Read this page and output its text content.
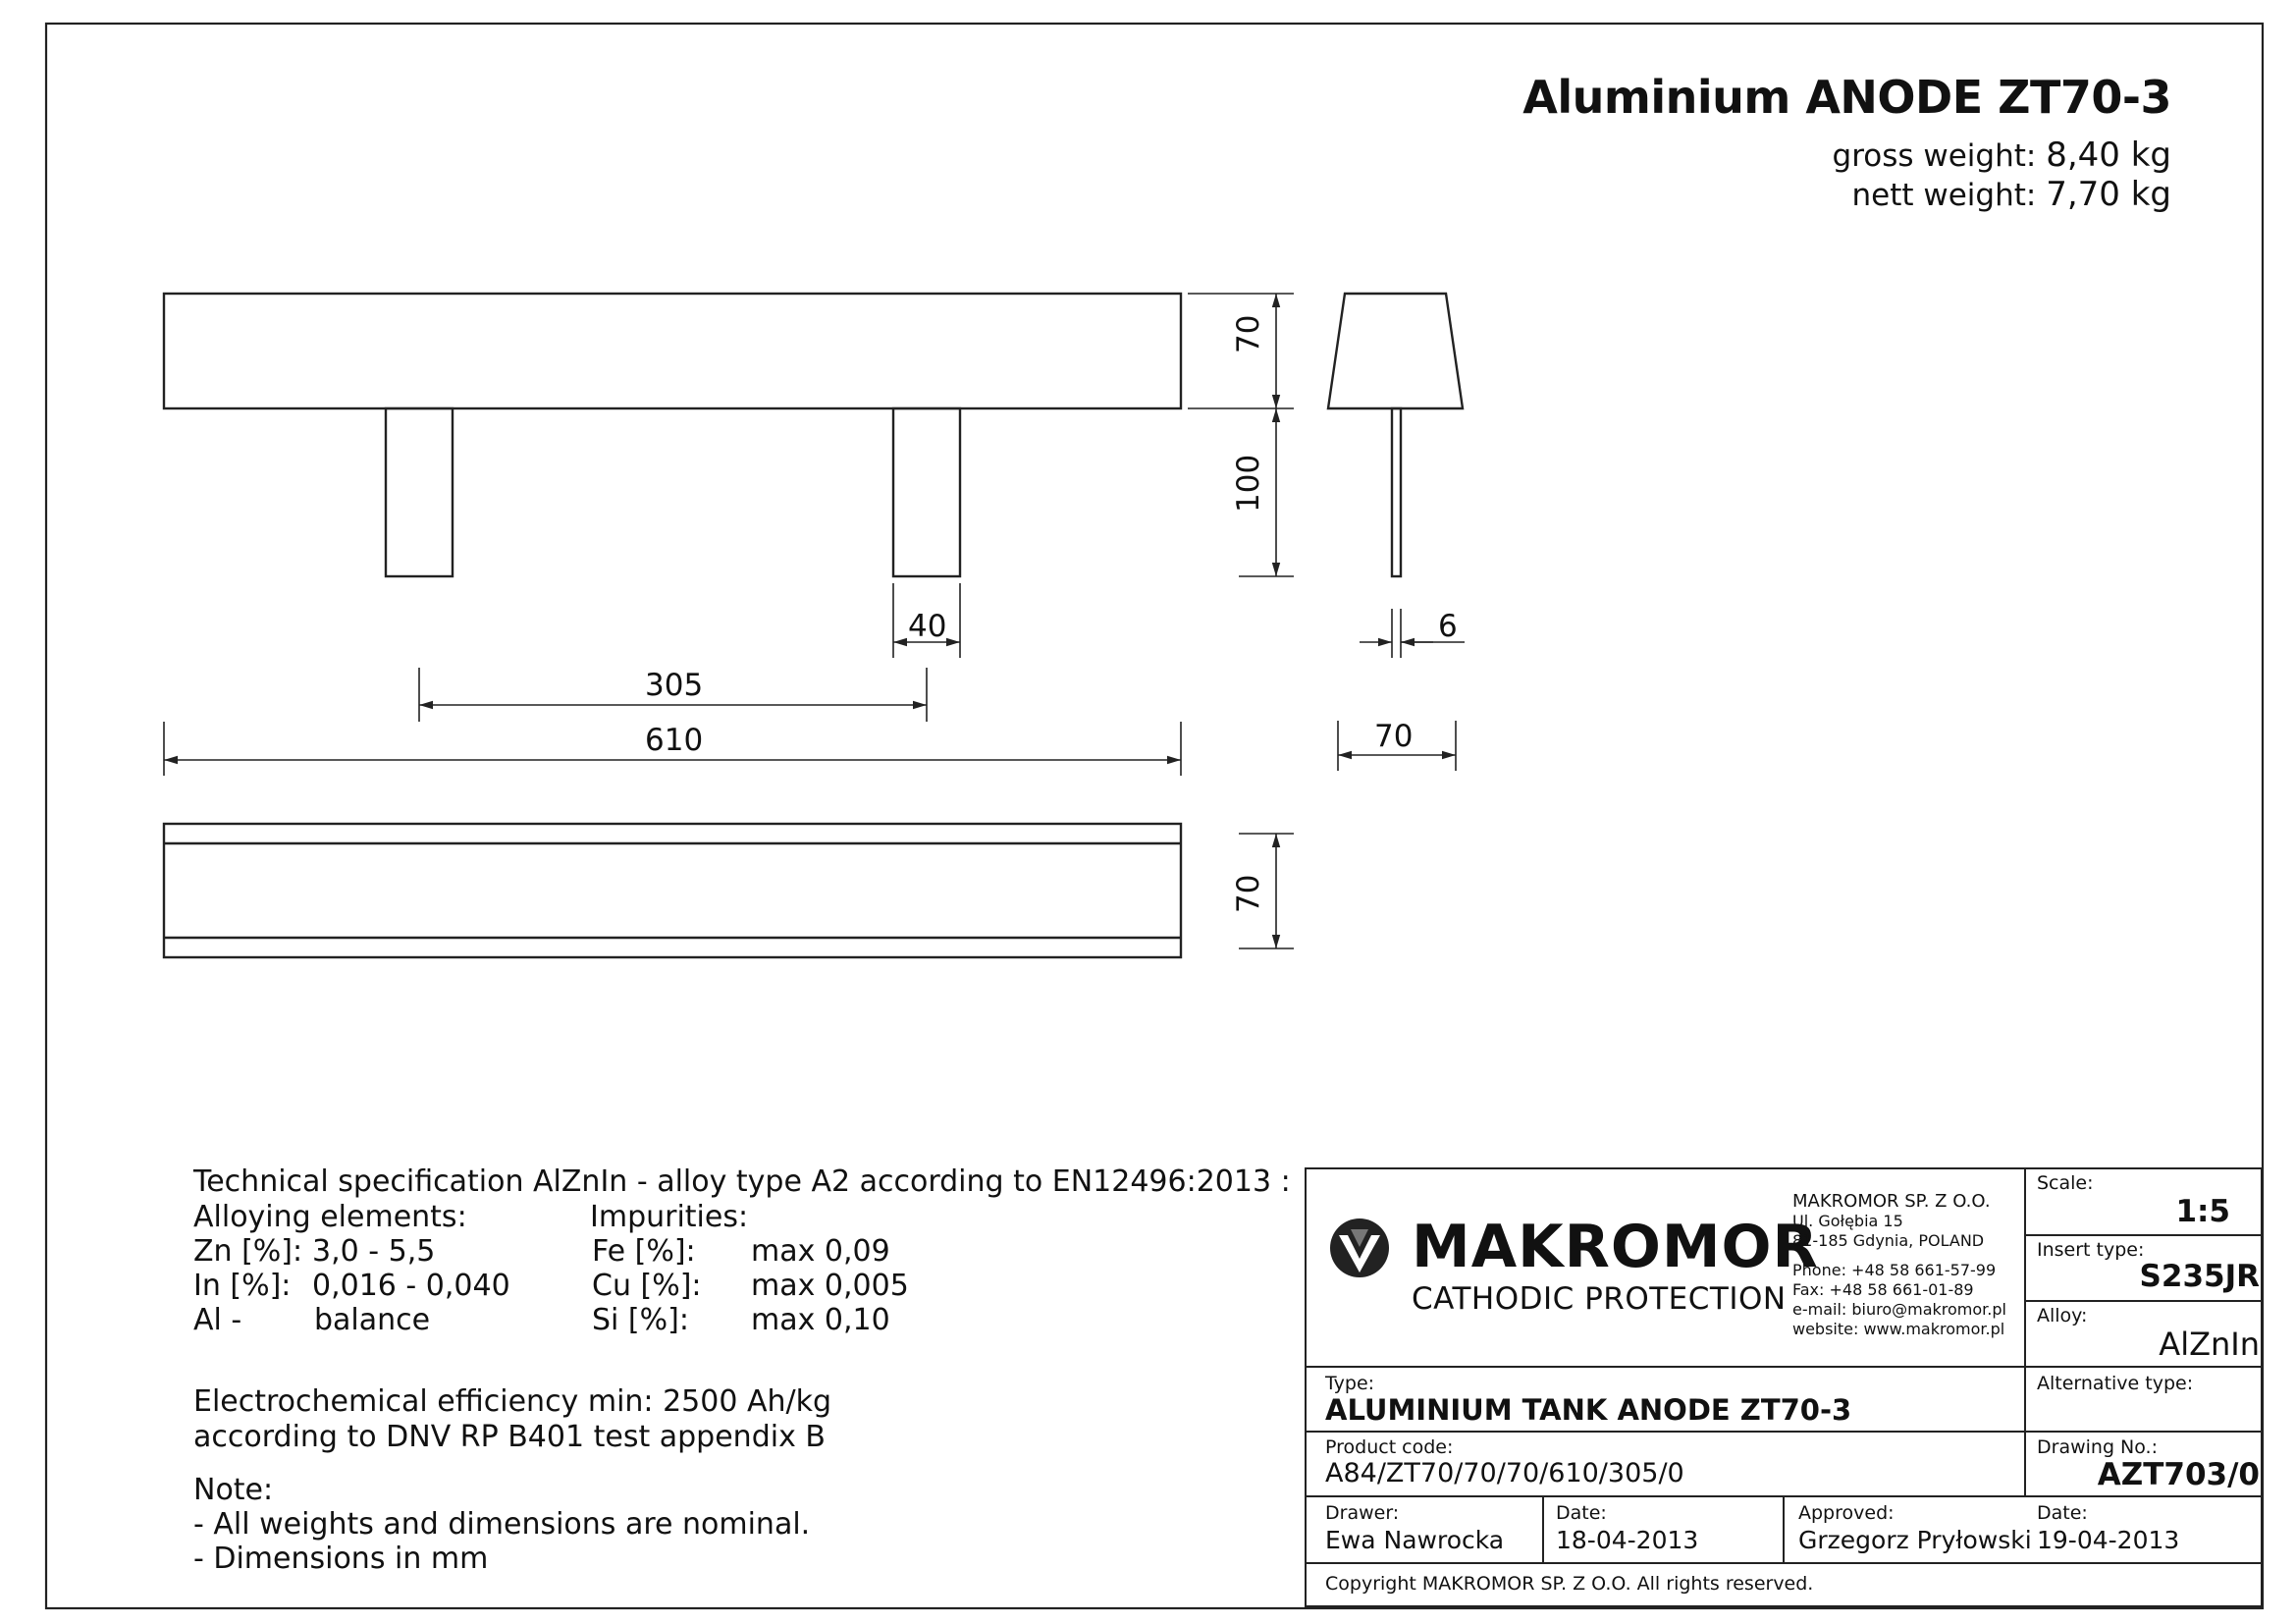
Aluminium ANODE ZT70-3
gross weight: 8,40 kg
nett weight: 7,70 kg
70
100
40
305
610
6
70
70
Technical specification AlZnIn - alloy type A2 according to EN12496:2013 :
Alloying elements:	Impurities:
Zn [%]: 3,0 - 5,5
In [%]: 0,016 - 0,040
Al - balance
Fe [%]: max 0,09
Cu [%]: max 0,005
Si [%]: max 0,10
Electrochemical efficiency min: 2500 Ah/kg
according to DNV RP B401 test appendix B
Note:
- All weights and dimensions are nominal.
- Dimensions in mm
MAKROMOR
CATHODIC PROTECTION
MAKROMOR SP. Z O.O.
Ul. Gołębia 15
81-185 Gdynia, POLAND
Phone: +48 58 661-57-99
Fax: +48 58 661-01-89
e-mail: biuro@makromor.pl
website: www.makromor.pl
Scale:
1:5
Insert type:
S235JR
Alloy:
AlZnIn
Alternative type:
Drawing No.:
AZT703/0
Type:
ALUMINIUM TANK ANODE ZT70-3
Product code:
A84/ZT70/70/70/610/305/0
Drawer:
Ewa Nawrocka
Date:
18-04-2013
Approved:
Grzegorz Pryłowski
Date:
19-04-2013
Copyright MAKROMOR SP. Z O.O. All rights reserved.
